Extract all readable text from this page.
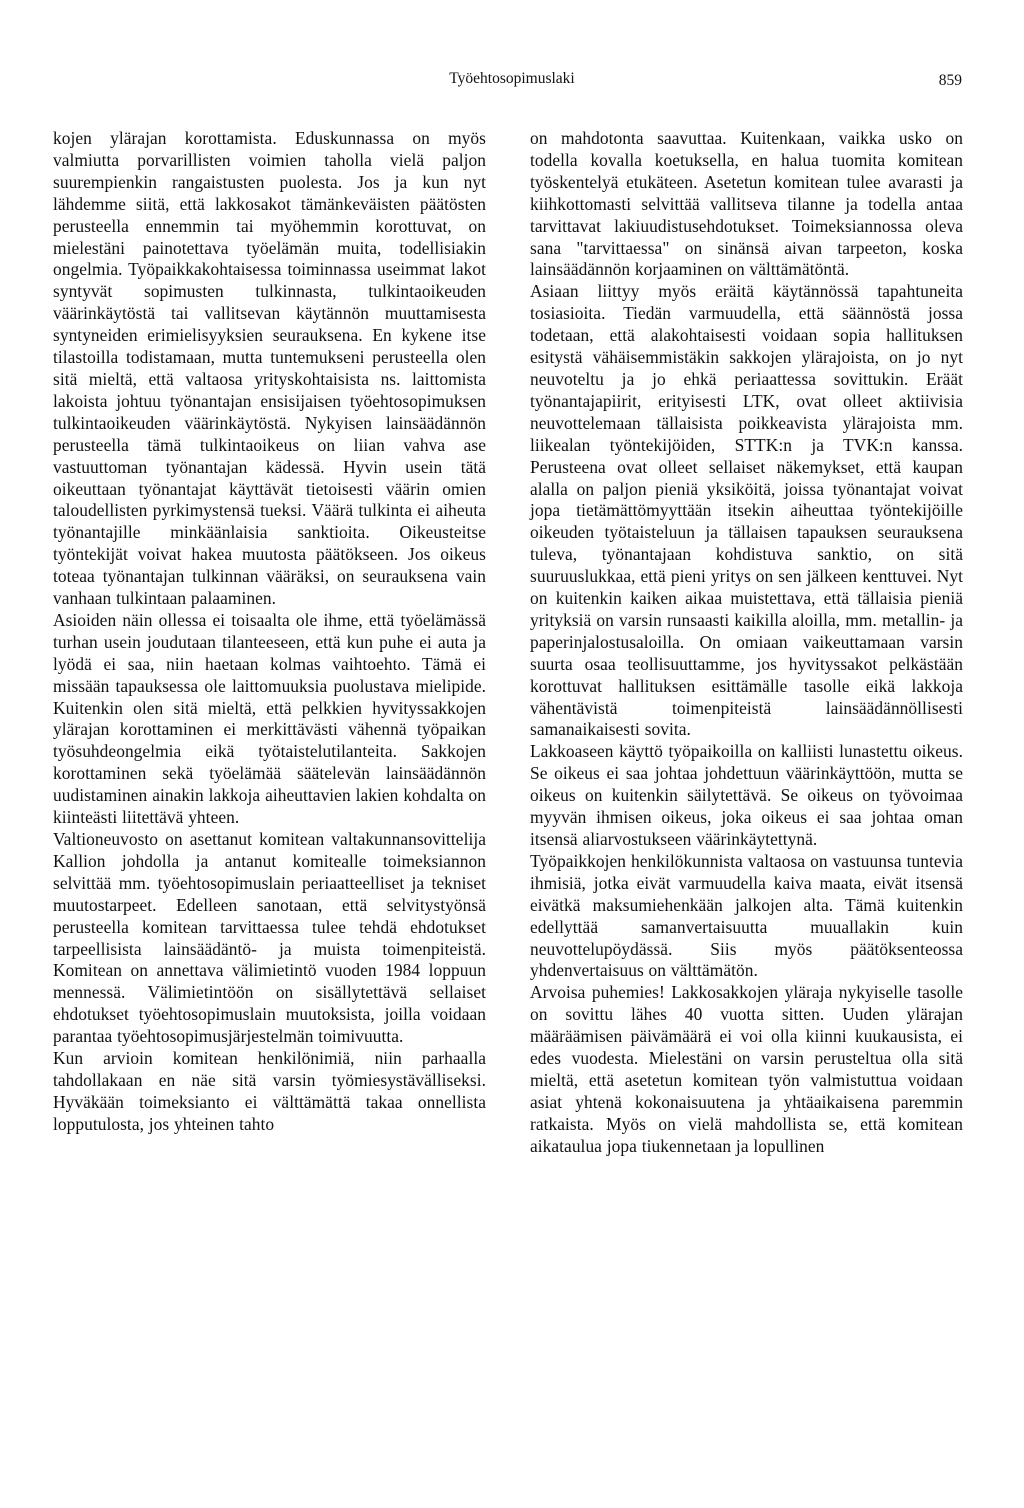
Työehtosopimuslaki	859

kojen ylärajan korottamista. Eduskunnassa on myös valmiutta porvarillisten voimien taholla vielä paljon suurempienkin rangaistusten puolesta. Jos ja kun nyt lähdemme siitä, että lakkosakot tämänkeväisten päätösten perusteella ennemmin tai myöhemmin korottuvat, on mielestäni painotettava työelämän muita, todellisiakin ongelmia. Työpaikkakohtaisessa toiminnassa useimmat lakot syntyvät sopimusten tulkinnasta, tulkintaoikeuden väärinkäytöstä tai vallitsevan käytännön muuttamisesta syntyneiden erimielisyyksien seurauksena. En kykene itse tilastoilla todistamaan, mutta tuntemukseni perusteella olen sitä mieltä, että valtaosa yrityskohtaisista ns. laittomista lakoista johtuu työnantajan ensisijaisen työehtosopimuksen tulkintaoikeuden väärinkäytöstä. Nykyisen lainsäädännön perusteella tämä tulkintaoikeus on liian vahva ase vastuuttoman työnantajan kädessä. Hyvin usein tätä oikeuttaan työnantajat käyttävät tietoisesti väärin omien taloudellisten pyrkimystensä tueksi. Väärä tulkinta ei aiheuta työnantajille minkäänlaisia sanktioita. Oikeusteitse työntekijät voivat hakea muutosta päätökseen. Jos oikeus toteaa työnantajan tulkinnan vääräksi, on seurauksena vain vanhaan tulkintaan palaaminen.

Asioiden näin ollessa ei toisaalta ole ihme, että työelämässä turhan usein joudutaan tilanteeseen, että kun puhe ei auta ja lyödä ei saa, niin haetaan kolmas vaihtoehto. Tämä ei missään tapauksessa ole laittomuuksia puolustava mielipide. Kuitenkin olen sitä mieltä, että pelkkien hyvityssakkojen ylärajan korottaminen ei merkittävästi vähennä työpaikan työsuhdeongelmia eikä työtaistelutilanteita. Sakkojen korottaminen sekä työelämää säätelevän lainsäädännön uudistaminen ainakin lakkoja aiheuttavien lakien kohdalta on kiinteästi liitettävä yhteen.

Valtioneuvosto on asettanut komitean valtakunnansovittelija Kallion johdolla ja antanut komitealle toimeksiannon selvittää mm. työehtosopimuslain periaatteelliset ja tekniset muutostarpeet. Edelleen sanotaan, että selvitystyönsä perusteella komitean tarvittaessa tulee tehdä ehdotukset tarpeellisista lainsäädäntö- ja muista toimenpiteistä. Komitean on annettava välimietintö vuoden 1984 loppuun mennessä. Välimietintöön on sisällytettävä sellaiset ehdotukset työehtosopimuslain muutoksista, joilla voidaan parantaa työehtosopimusjärjestelmän toimivuutta.

Kun arvioin komitean henkilönimiä, niin parhaalla tahdollakaan en näe sitä varsin työmiesystävälliseksi. Hyväkään toimeksianto ei välttämättä takaa onnellista lopputulosta, jos yhteinen tahto

on mahdotonta saavuttaa. Kuitenkaan, vaikka usko on todella kovalla koetuksella, en halua tuomita komitean työskentelyä etukäteen. Asetetun komitean tulee avarasti ja kiihkottomasti selvittää vallitseva tilanne ja todella antaa tarvittavat lakiuudistusehdotukset. Toimeksiannossa oleva sana "tarvittaessa" on sinänsä aivan tarpeeton, koska lainsäädännön korjaaminen on välttämätöntä.

Asiaan liittyy myös eräitä käytännössä tapahtuneita tosiasioita. Tiedän varmuudella, että säännöstä jossa todetaan, että alakohtaisesti voidaan sopia hallituksen esitystä vähäisemmistäkin sakkojen ylärajoista, on jo nyt neuvoteltu ja jo ehkä periaattessa sovittukin. Eräät työnantajapiirit, erityisesti LTK, ovat olleet aktiivisia neuvottelemaan tällaisista poikkeavista ylärajoista mm. liikealan työntekijöiden, STTK:n ja TVK:n kanssa. Perusteena ovat olleet sellaiset näkemykset, että kaupan alalla on paljon pieniä yksiköitä, joissa työnantajat voivat jopa tietämättömyyttään itsekin aiheuttaa työntekijöille oikeuden työtaisteluun ja tällaisen tapauksen seurauksena tuleva, työnantajaan kohdistuva sanktio, on sitä suuruuslukkaa, että pieni yritys on sen jälkeen kenttuvei. Nyt on kuitenkin kaiken aikaa muistettava, että tällaisia pieniä yrityksiä on varsin runsaasti kaikilla aloilla, mm. metallin- ja paperinjalostusaloilla. On omiaan vaikeuttamaan varsin suurta osaa teollisuuttamme, jos hyvityssakot pelkästään korottuvat hallituksen esittämälle tasolle eikä lakkoja vähentävistä toimenpiteistä lainsäädännöllisesti samanaikaisesti sovita.

Lakkoaseen käyttö työpaikoilla on kalliisti lunastettu oikeus. Se oikeus ei saa johtaa johdettuun väärinkäyttöön, mutta se oikeus on kuitenkin säilytettävä. Se oikeus on työvoimaa myyvän ihmisen oikeus, joka oikeus ei saa johtaa oman itsensä aliarvostukseen väärinkäytettynä.

Työpaikkojen henkilökunnista valtaosa on vastuunsa tuntevia ihmisiä, jotka eivät varmuudella kaiva maata, eivät itsensä eivätkä maksumiehenkään jalkojen alta. Tämä kuitenkin edellyttää samanvertaisuutta muuallakin kuin neuvottelupöydässä. Siis myös päätöksenteossa yhdenvertaisuus on välttämätön.

Arvoisa puhemies! Lakkosakkojen yläraja nykyiselle tasolle on sovittu lähes 40 vuotta sitten. Uuden ylärajan määräämisen päivämäärä ei voi olla kiinni kuukausista, ei edes vuodesta. Mielestäni on varsin perusteltua olla sitä mieltä, että asetetun komitean työn valmistuttua voidaan asiat yhtenä kokonaisuutena ja yhtäaikaisena paremmin ratkaista. Myös on vielä mahdollista se, että komitean aikataulua jopa tiukennetaan ja lopullinen
